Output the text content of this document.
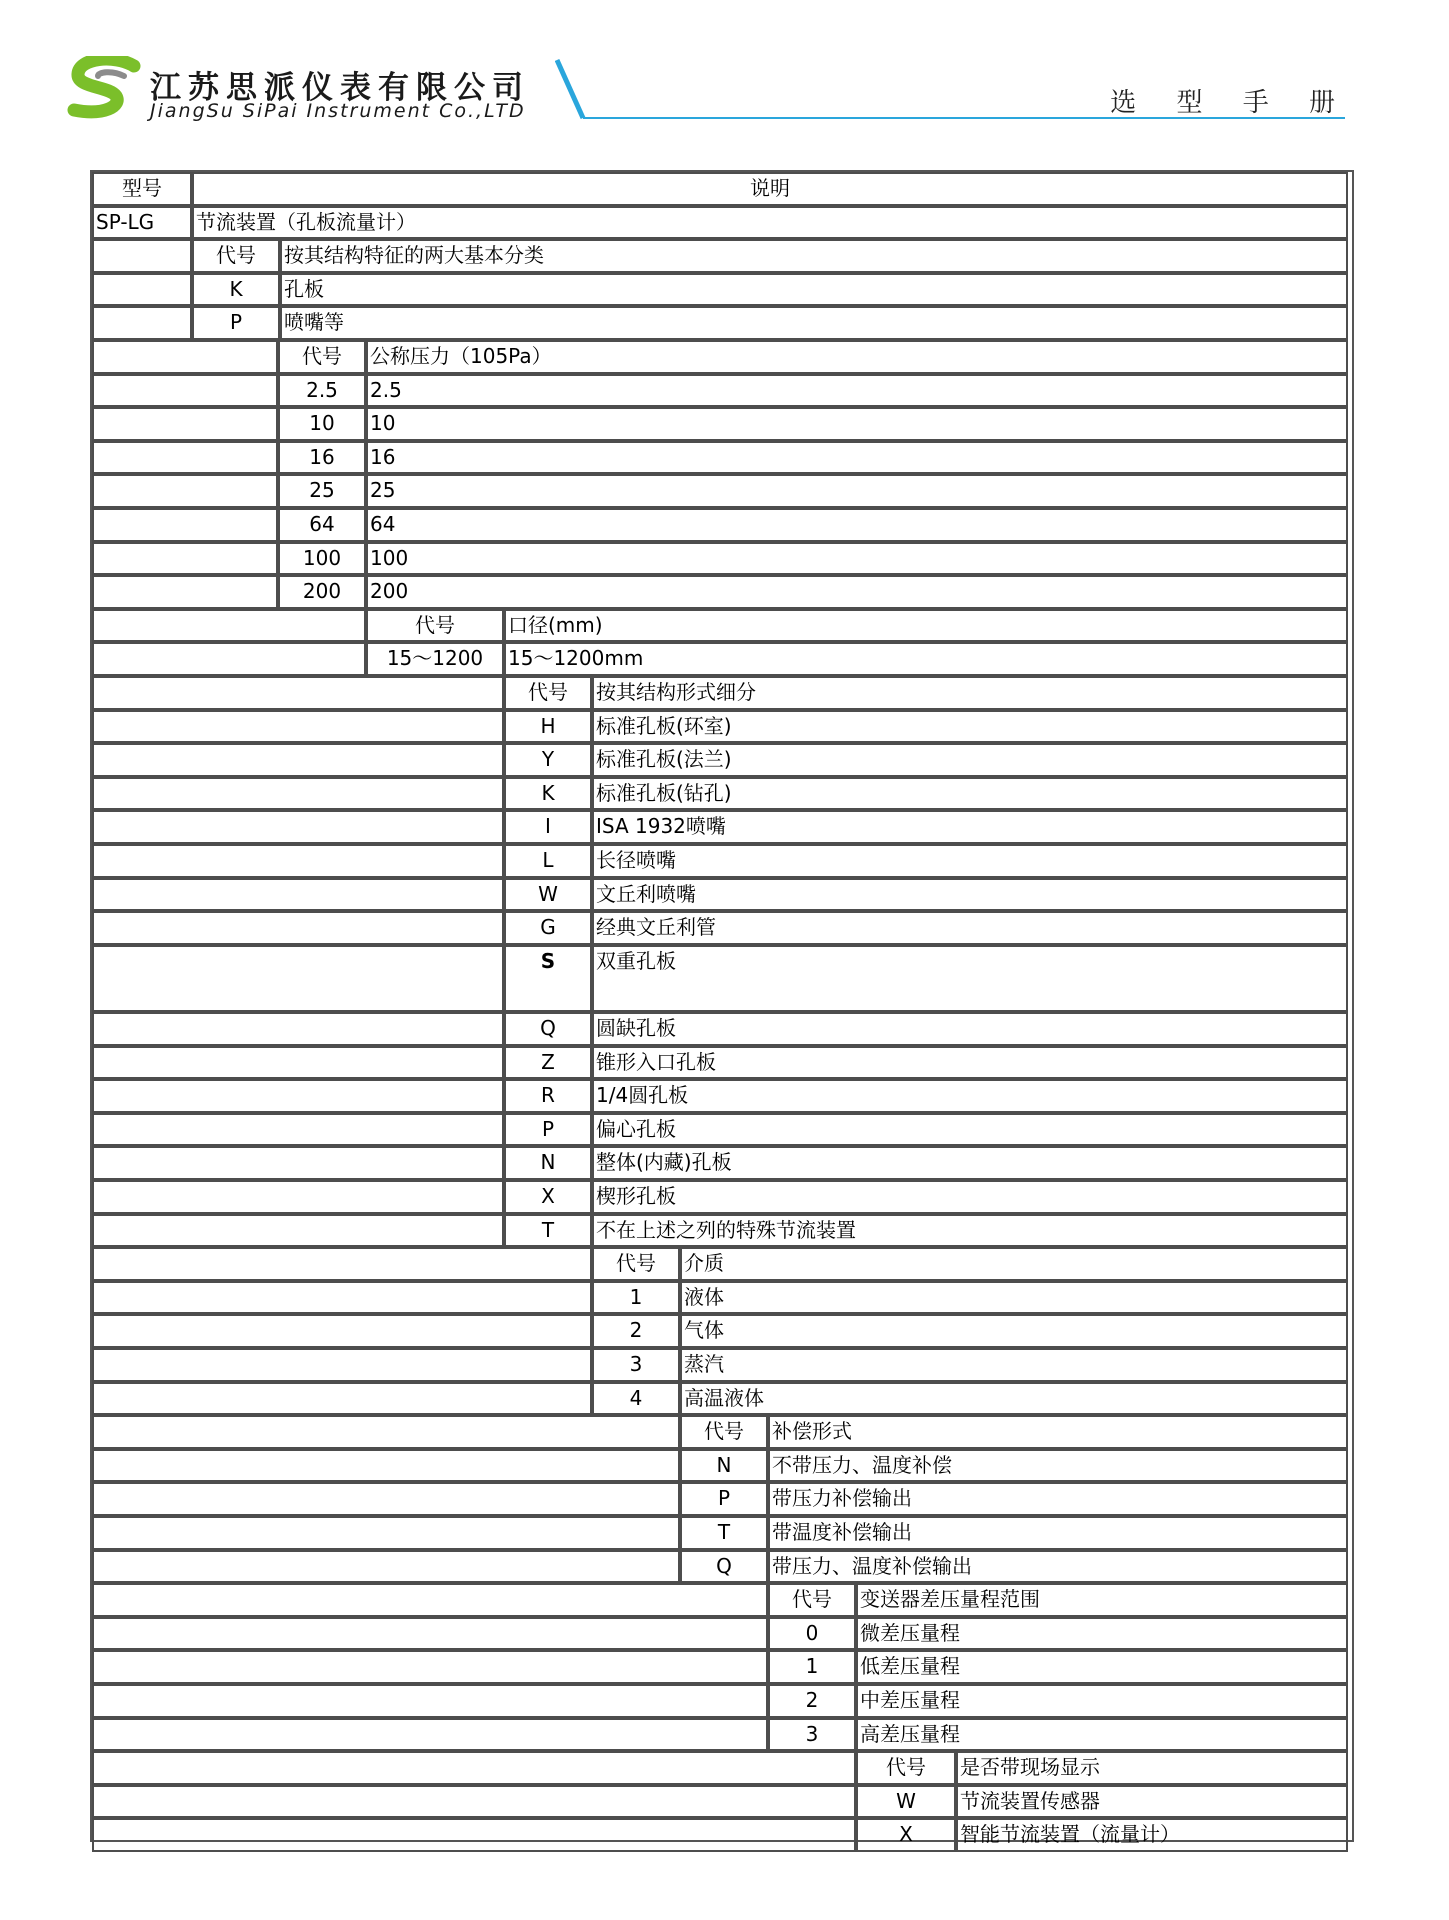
江苏思派仪表有限公司
JiangSu SiPai Instrument Co.,LTD	选 型 手 册
型号	说明
SP-LG	节流装置（孔板流量计）
代号	按其结构特征的两大基本分类
K	孔板
P	喷嘴等
代号	公称压力（105Pa）
2.5	2.5
10	10
16	16
25	25
64	64
100	100
200	200
代号	口径(mm)
15～1200	15～1200mm
代号	按其结构形式细分
H	标准孔板(环室)
Y	标准孔板(法兰)
K	标准孔板(钻孔)
I	ISA 1932喷嘴
L	长径喷嘴
W	文丘利喷嘴
G	经典文丘利管
S	双重孔板
Q	圆缺孔板
Z	锥形入口孔板
R	1/4圆孔板
P	偏心孔板
N	整体(内藏)孔板
X	楔形孔板
T	不在上述之列的特殊节流装置
代号	介质
1	液体
2	气体
3	蒸汽
4	高温液体
代号	补偿形式
N	不带压力、温度补偿
P	带压力补偿输出
T	带温度补偿输出
Q	带压力、温度补偿输出
代号	变送器差压量程范围
0	微差压量程
1	低差压量程
2	中差压量程
3	高差压量程
代号	是否带现场显示
W	节流装置传感器
X	智能节流装置（流量计）
